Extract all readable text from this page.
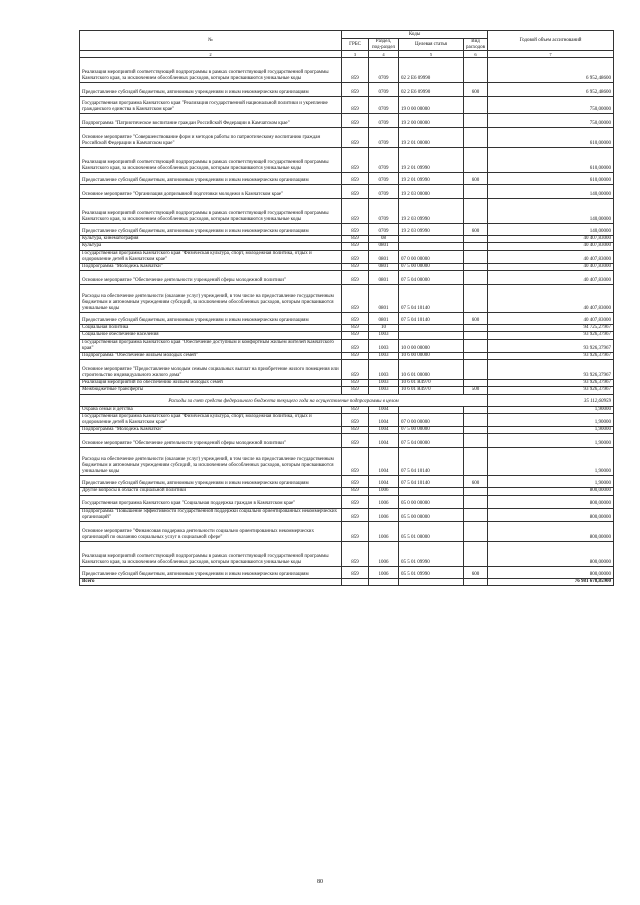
№	Коды				Годовой объем ассигнований
	ГРБС	Раздел, под-раздел	Целевая статья	Вид расходов	
2	3	4	5	6	7
Реализация мероприятий соответствующей подпрограммы в рамках соответствующей государственной программы Камчатского края, за исключением обособленных расходов, которым присваиваются уникальные коды	859	0709	02 2 Е6 09990		6 952,48600
Предоставление субсидий бюджетным, автономным учреждениям и иным некоммерческим организациям	859	0709	02 2 Е6 09990	600	6 952,48600
Государственная программа Камчатского края "Реализация государственной национальной политики и укрепление гражданского единства в Камчатском крае"	859	0709	19 0 00 00000		750,00000
Подпрограмма "Патриотическое воспитание граждан Российской Федерации в Камчатском крае"	859	0709	19 2 00 00000		750,00000
Основное мероприятие "Совершенствование форм и методов работы по патриотическому воспитанию граждан Российской Федерации в Камчатском крае"	859	0709	19 2 01 00000		610,00000
Реализация мероприятий соответствующей подпрограммы в рамках соответствующей государственной программы Камчатского края, за исключением обособленных расходов, которым присваиваются уникальные коды	859	0709	19 2 01 09990		610,00000
Предоставление субсидий бюджетным, автономным учреждениям и иным некоммерческим организациям	859	0709	19 2 01 09990	600	610,00000
Основное мероприятие "Организация допризывной подготовки молодежи в Камчатском крае"	859	0709	19 2 03 00000		140,00000
Реализация мероприятий соответствующей подпрограммы в рамках соответствующей государственной программы Камчатского края, за исключением обособленных расходов, которым присваиваются уникальные коды	859	0709	19 2 03 09990		140,00000
Предоставление субсидий бюджетным, автономным учреждениям и иным некоммерческим организациям	859	0709	19 2 03 09990	600	140,00000
Культура, кинематография	859	08			40 407,83000
Культура	859	0801			40 407,83000
Государственная программа Камчатского края "Физическая культура, спорт, молодежная политика, отдых и оздоровление детей в Камчатском крае"	859	0801	07 0 00 00000		40 407,83000
Подпрограмма "Молодежь Камчатки"	859	0801	07 5 00 00000		40 407,83000
Основное мероприятие "Обеспечение деятельности учреждений сферы молодежной политики"	859	0801	07 5 04 00000		40 407,83000
Расходы на обеспечение деятельности (оказание услуг) учреждений, в том числе на предоставление государственным бюджетным и автономным учреждениям субсидий, за исключением обособленных расходов, которым присваиваются уникальные коды	859	0801	07 5 04 10140		40 407,83000
Предоставление субсидий бюджетным, автономным учреждениям и иным некоммерческим организациям	859	0801	07 5 04 10140	600	40 407,83000
Социальная политика	859	10			94 725,27967
Социальное обеспечение населения	859	1003			93 926,37967
Государственная программа Камчатского края "Обеспечение доступным и комфортным жильем жителей Камчатского края"	859	1003	10 0 00 00000		93 926,37967
Подпрограмма "Обеспечение жильем молодых семей"	859	1003	10 6 00 00000		93 926,37967
Основное мероприятие "Предоставление молодым семьям социальных выплат на приобретение жилого помещения или строительство индивидуального жилого дома"	859	1003	10 6 01 00000		93 926,37967
Реализация мероприятий по обеспечению жильем молодых семей	859	1003	10 6 01 R4970		93 926,37967
Межбюджетные трансферты	859	1003	10 6 01 R4970	500	93 926,37967
Расходы за счет средств федерального бюджета текущего года на осуществление подпрограммы в целом					35 112,60959
Охрана семьи и детства	859	1004			1,90000
Государственная программа Камчатского края "Физическая культура, спорт, молодежная политика, отдых и оздоровление детей в Камчатском крае"	859	1004	07 0 00 00000		1,90000
Подпрограмма "Молодежь Камчатки"	859	1004	07 5 00 00000		1,90000
Основное мероприятие "Обеспечение деятельности учреждений сферы молодежной политики"	859	1004	07 5 04 00000		1,90000
Расходы на обеспечение деятельности (оказание услуг) учреждений, в том числе на предоставление государственным бюджетным и автономным учреждениям субсидий, за исключением обособленных расходов, которым присваиваются уникальные коды	859	1004	07 5 04 10140		1,90000
Предоставление субсидий бюджетным, автономным учреждениям и иным некоммерческим организациям	859	1004	07 5 04 10140	600	1,90000
Другие вопросы в области социальной политики	859	1006			800,00000
Государственная программа Камчатского края "Социальная поддержка граждан в Камчатском крае"	859	1006	05 0 00 00000		800,00000
Подпрограмма "Повышение эффективности государственной поддержки социально ориентированных некоммерческих организаций"	859	1006	05 5 00 00000		800,00000
Основное мероприятие "Финансовая поддержка деятельности социально ориентированных некоммерческих организаций по оказанию социальных услуг в социальной сфере"	859	1006	05 5 01 00000		800,00000
Реализация мероприятий соответствующей подпрограммы в рамках соответствующей государственной программы Камчатского края, за исключением обособленных расходов, которым присваиваются уникальные коды	859	1006	05 5 01 09990		800,00000
Предоставление субсидий бюджетным, автономным учреждениям и иным некоммерческим организациям	859	1006	05 5 01 09990	600	800,00000
Всего					76 981 678,85900
80
